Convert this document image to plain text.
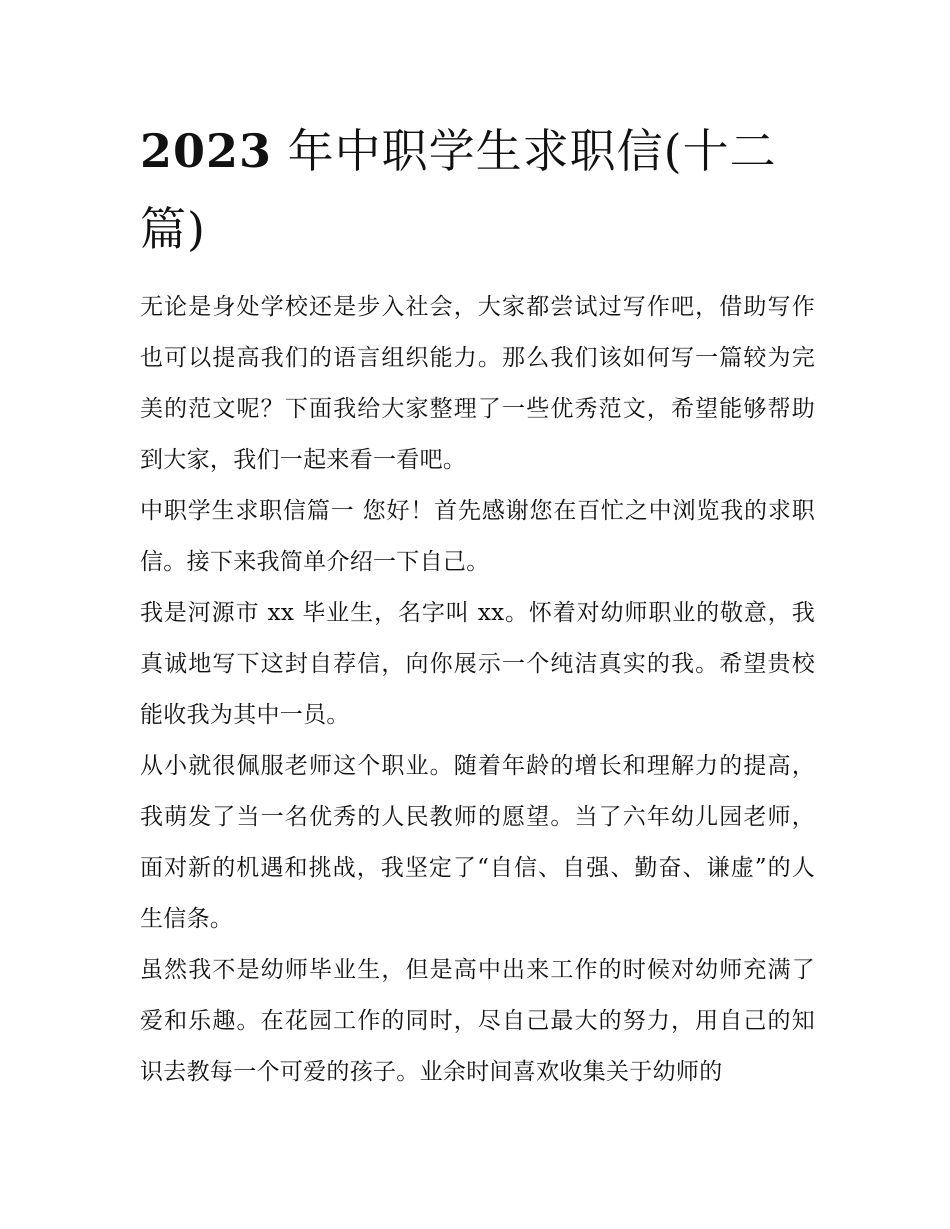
2023 年中职学生求职信(十二篇)

无论是身处学校还是步入社会，大家都尝试过写作吧，借助写作也可以提高我们的语言组织能力。那么我们该如何写一篇较为完美的范文呢？下面我给大家整理了一些优秀范文，希望能够帮助到大家，我们一起来看一看吧。

中职学生求职信篇一 您好！首先感谢您在百忙之中浏览我的求职信。接下来我简单介绍一下自己。

我是河源市 xx 毕业生，名字叫 xx。怀着对幼师职业的敬意，我真诚地写下这封自荐信，向你展示一个纯洁真实的我。希望贵校能收我为其中一员。

从小就很佩服老师这个职业。随着年龄的增长和理解力的提高，我萌发了当一名优秀的人民教师的愿望。当了六年幼儿园老师，面对新的机遇和挑战，我坚定了“自信、自强、勤奋、谦虚”的人生信条。

虽然我不是幼师毕业生，但是高中出来工作的时候对幼师充满了爱和乐趣。在花园工作的同时，尽自己最大的努力，用自己的知识去教每一个可爱的孩子。业余时间喜欢收集关于幼师的
